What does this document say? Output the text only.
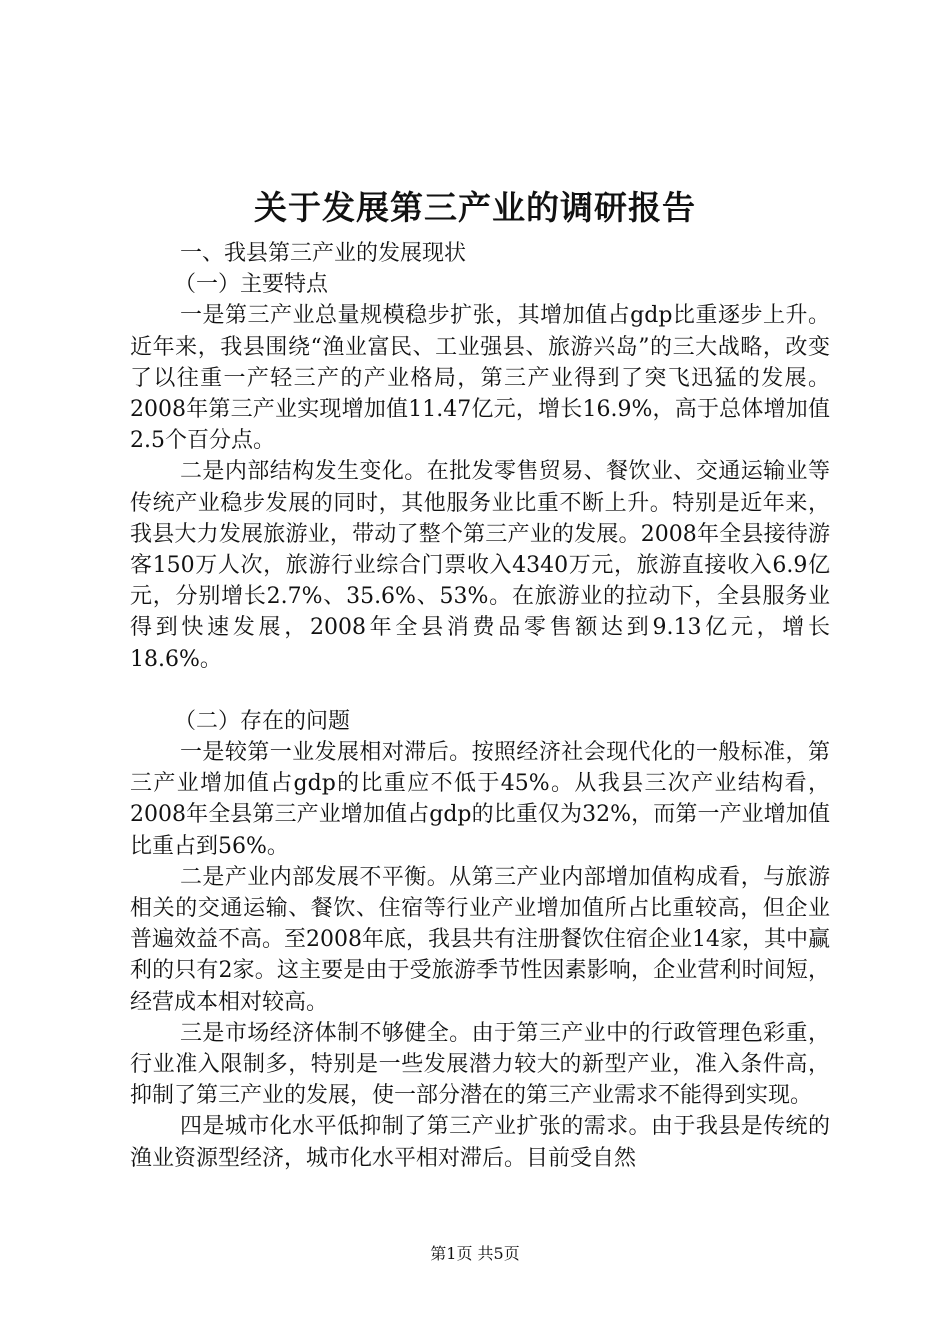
关于发展第三产业的调研报告

一、我县第三产业的发展现状

（一）主要特点

一是第三产业总量规模稳步扩张，其增加值占gdp比重逐步上升。近年来，我县围绕“渔业富民、工业强县、旅游兴岛”的三大战略，改变了以往重一产轻三产的产业格局，第三产业得到了突飞迅猛的发展。2008年第三产业实现增加值11.47亿元，增长16.9%，高于总体增加值2.5个百分点。

二是内部结构发生变化。在批发零售贸易、餐饮业、交通运输业等传统产业稳步发展的同时，其他服务业比重不断上升。特别是近年来，我县大力发展旅游业，带动了整个第三产业的发展。2008年全县接待游客150万人次，旅游行业综合门票收入4340万元，旅游直接收入6.9亿元，分别增长2.7%、35.6%、53%。在旅游业的拉动下，全县服务业得到快速发展，2008年全县消费品零售额达到9.13亿元，增长18.6%。

（二）存在的问题

一是较第一业发展相对滞后。按照经济社会现代化的一般标准，第三产业增加值占gdp的比重应不低于45%。从我县三次产业结构看，2008年全县第三产业增加值占gdp的比重仅为32%，而第一产业增加值比重占到56%。

二是产业内部发展不平衡。从第三产业内部增加值构成看，与旅游相关的交通运输、餐饮、住宿等行业产业增加值所占比重较高，但企业普遍效益不高。至2008年底，我县共有注册餐饮住宿企业14家，其中赢利的只有2家。这主要是由于受旅游季节性因素影响，企业营利时间短，经营成本相对较高。

三是市场经济体制不够健全。由于第三产业中的行政管理色彩重，行业准入限制多，特别是一些发展潜力较大的新型产业，准入条件高，抑制了第三产业的发展，使一部分潜在的第三产业需求不能得到实现。

四是城市化水平低抑制了第三产业扩张的需求。由于我县是传统的渔业资源型经济，城市化水平相对滞后。目前受自然

第1页 共5页
